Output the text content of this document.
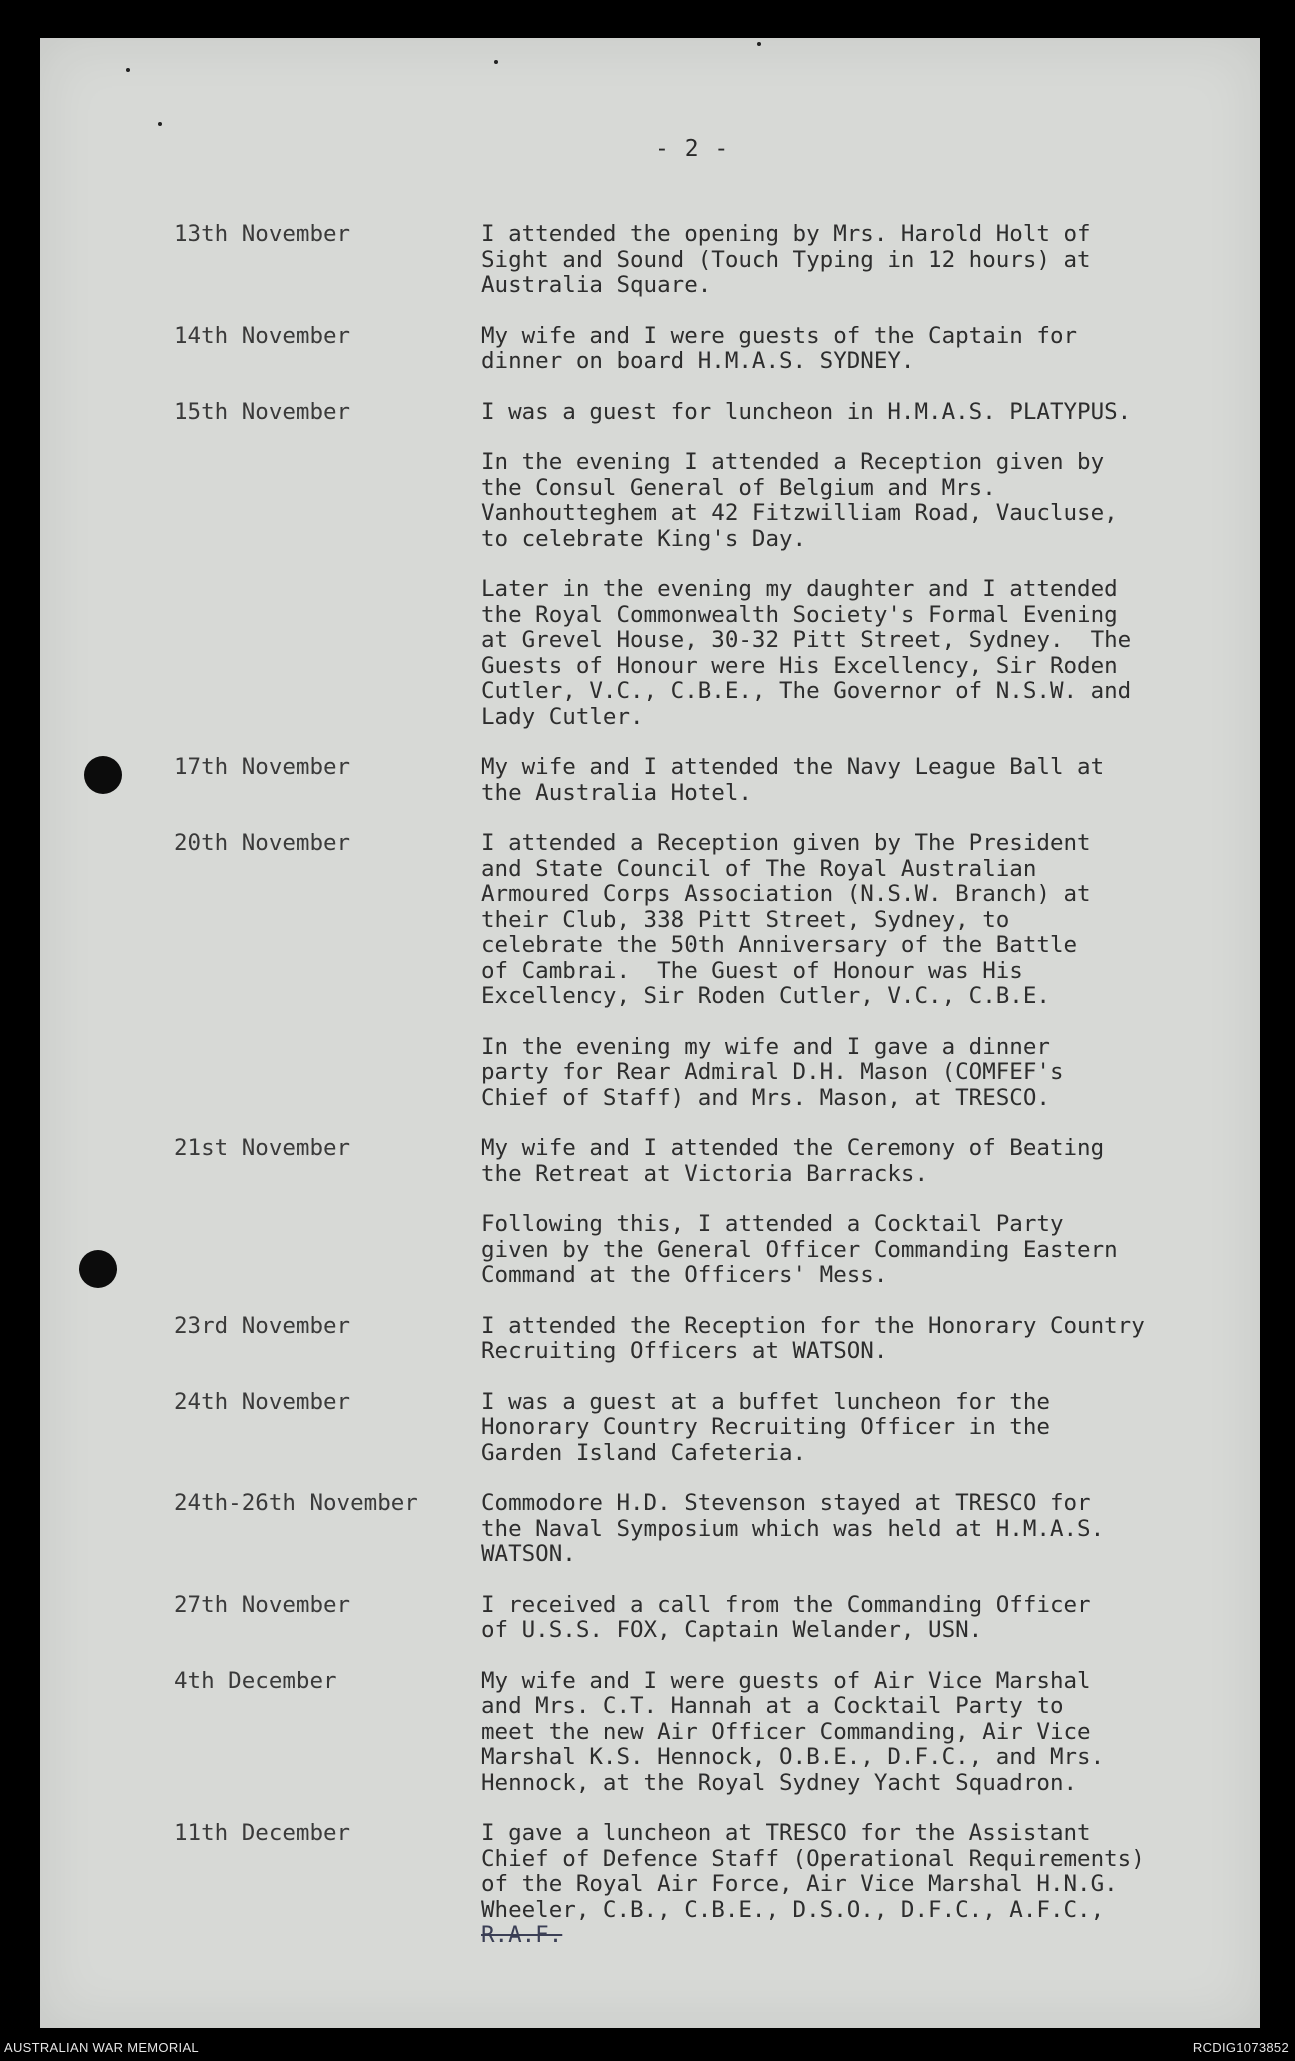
- 2 -
13th November	I attended the opening by Mrs. Harold Holt of
Sight and Sound (Touch Typing in 12 hours) at
Australia Square.
14th November	My wife and I were guests of the Captain for
dinner on board H.M.A.S. SYDNEY.
15th November	I was a guest for luncheon in H.M.A.S. PLATYPUS.
In the evening I attended a Reception given by
the Consul General of Belgium and Mrs.
Vanhoutteghem at 42 Fitzwilliam Road, Vaucluse,
to celebrate King's Day.
Later in the evening my daughter and I attended
the Royal Commonwealth Society's Formal Evening
at Grevel House, 30-32 Pitt Street, Sydney.  The
Guests of Honour were His Excellency, Sir Roden
Cutler, V.C., C.B.E., The Governor of N.S.W. and
Lady Cutler.
17th November	My wife and I attended the Navy League Ball at
the Australia Hotel.
20th November	I attended a Reception given by The President
and State Council of The Royal Australian
Armoured Corps Association (N.S.W. Branch) at
their Club, 338 Pitt Street, Sydney, to
celebrate the 50th Anniversary of the Battle
of Cambrai.  The Guest of Honour was His
Excellency, Sir Roden Cutler, V.C., C.B.E.
In the evening my wife and I gave a dinner
party for Rear Admiral D.H. Mason (COMFEF's
Chief of Staff) and Mrs. Mason, at TRESCO.
21st November	My wife and I attended the Ceremony of Beating
the Retreat at Victoria Barracks.
Following this, I attended a Cocktail Party
given by the General Officer Commanding Eastern
Command at the Officers' Mess.
23rd November	I attended the Reception for the Honorary Country
Recruiting Officers at WATSON.
24th November	I was a guest at a buffet luncheon for the
Honorary Country Recruiting Officer in the
Garden Island Cafeteria.
24th-26th November	Commodore H.D. Stevenson stayed at TRESCO for
the Naval Symposium which was held at H.M.A.S.
WATSON.
27th November	I received a call from the Commanding Officer
of U.S.S. FOX, Captain Welander, USN.
4th December	My wife and I were guests of Air Vice Marshal
and Mrs. C.T. Hannah at a Cocktail Party to
meet the new Air Officer Commanding, Air Vice
Marshal K.S. Hennock, O.B.E., D.F.C., and Mrs.
Hennock, at the Royal Sydney Yacht Squadron.
11th December	I gave a luncheon at TRESCO for the Assistant
Chief of Defence Staff (Operational Requirements)
of the Royal Air Force, Air Vice Marshal H.N.G.
Wheeler, C.B., C.B.E., D.S.O., D.F.C., A.F.C.,
R.A.F.
AUSTRALIAN WAR MEMORIAL	RCDIG1073852
